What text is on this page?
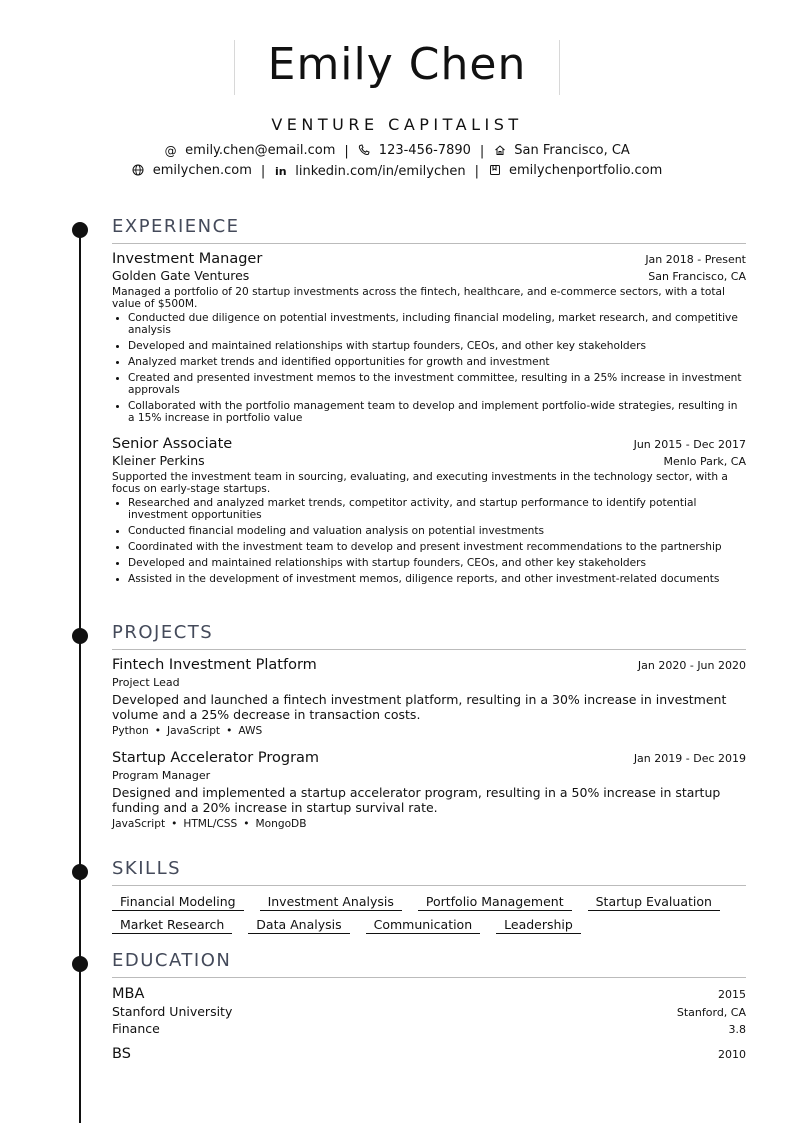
Emily Chen
VENTURE CAPITALIST
@ emily.chen@email.com | 123-456-7890 | San Francisco, CA
emilychen.com | in linkedin.com/in/emilychen | emilychenportfolio.com
EXPERIENCE
Investment Manager	Jan 2018 - Present
Golden Gate Ventures	San Francisco, CA
Managed a portfolio of 20 startup investments across the fintech, healthcare, and e-commerce sectors, with a total value of $500M.
• Conducted due diligence on potential investments, including financial modeling, market research, and competitive analysis
• Developed and maintained relationships with startup founders, CEOs, and other key stakeholders
• Analyzed market trends and identified opportunities for growth and investment
• Created and presented investment memos to the investment committee, resulting in a 25% increase in investment approvals
• Collaborated with the portfolio management team to develop and implement portfolio-wide strategies, resulting in a 15% increase in portfolio value
Senior Associate	Jun 2015 - Dec 2017
Kleiner Perkins	Menlo Park, CA
Supported the investment team in sourcing, evaluating, and executing investments in the technology sector, with a focus on early-stage startups.
• Researched and analyzed market trends, competitor activity, and startup performance to identify potential investment opportunities
• Conducted financial modeling and valuation analysis on potential investments
• Coordinated with the investment team to develop and present investment recommendations to the partnership
• Developed and maintained relationships with startup founders, CEOs, and other key stakeholders
• Assisted in the development of investment memos, diligence reports, and other investment-related documents
PROJECTS
Fintech Investment Platform	Jan 2020 - Jun 2020
Project Lead
Developed and launched a fintech investment platform, resulting in a 30% increase in investment volume and a 25% decrease in transaction costs.
Python • JavaScript • AWS
Startup Accelerator Program	Jan 2019 - Dec 2019
Program Manager
Designed and implemented a startup accelerator program, resulting in a 50% increase in startup funding and a 20% increase in startup survival rate.
JavaScript • HTML/CSS • MongoDB
SKILLS
Financial Modeling	Investment Analysis	Portfolio Management	Startup Evaluation
Market Research	Data Analysis	Communication	Leadership
EDUCATION
MBA	2015
Stanford University	Stanford, CA
Finance	3.8
BS	2010
